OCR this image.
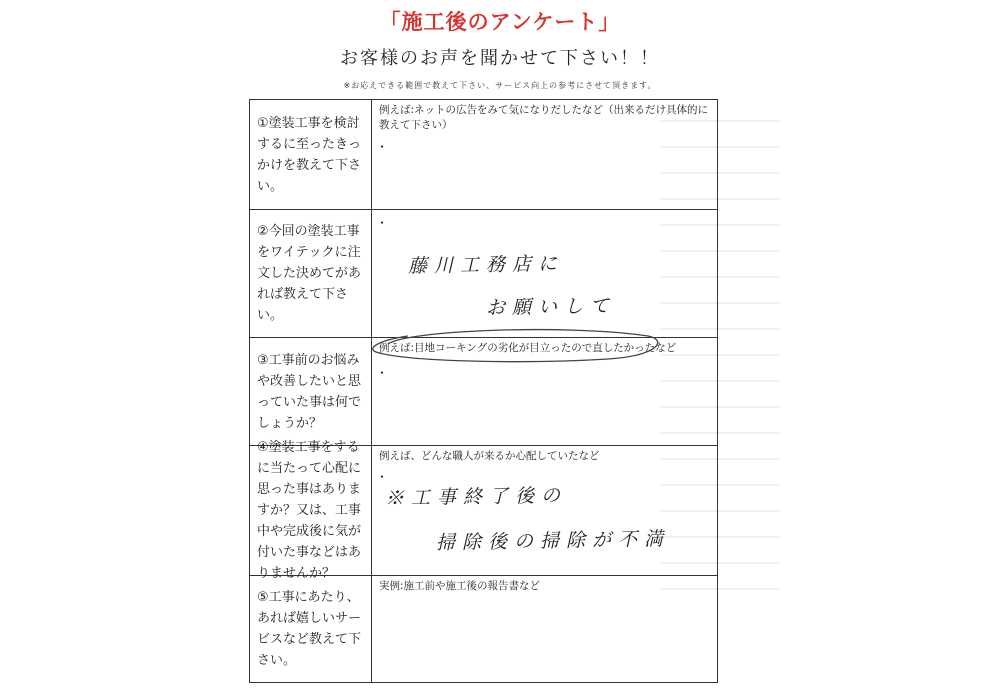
「施工後のアンケート」
お客様のお声を聞かせて下さい！！
※お応えできる範囲で教えて下さい、サービス向上の参考にさせて頂きます。
①塗装工事を検討するに至ったきっかけを教えて下さい。
例えば:ネットの広告をみて気になりだしたなど（出来るだけ具体的に教えて下さい）
・
②今回の塗装工事をワイテックに注文した決めてがあれば教えて下さい。
・
藤川工務店に
お願いして
③工事前のお悩みや改善したいと思っていた事は何でしょうか？
例えば:目地コーキングの劣化が目立ったので直したかったなど
・
④塗装工事をするに当たって心配に思った事はありますか？又は、工事中や完成後に気が付いた事などはありませんか？
例えば、どんな職人が来るか心配していたなど
・
※工事終了後の
掃除後の掃除が不満
⑤工事にあたり、あれば嬉しいサービスなど教えて下さい。
実例:施工前や施工後の報告書など
